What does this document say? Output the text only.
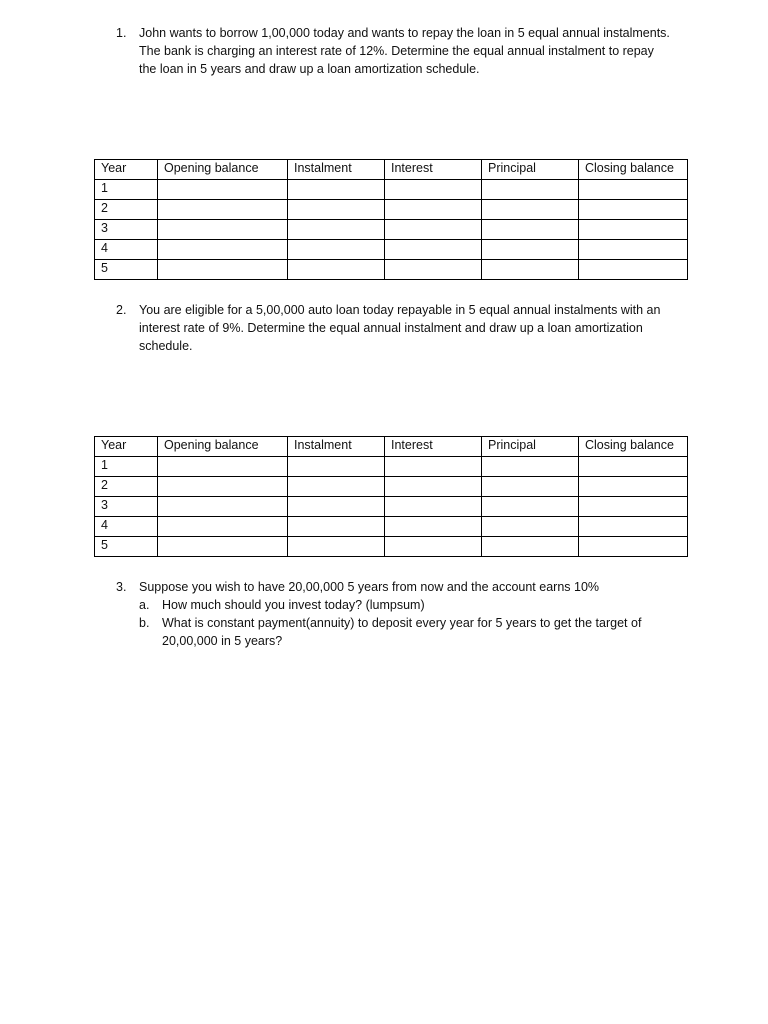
1. John wants to borrow 1,00,000 today and wants to repay the loan in 5 equal annual instalments. The bank is charging an interest rate of 12%. Determine the equal annual instalment to repay the loan in 5 years and draw up a loan amortization schedule.
Year	Opening balance	Instalment	Interest	Principal	Closing balance
1					
2					
3					
4					
5					
2. You are eligible for a 5,00,000 auto loan today repayable in 5 equal annual instalments with an interest rate of 9%. Determine the equal annual instalment and draw up a loan amortization schedule.
Year	Opening balance	Instalment	Interest	Principal	Closing balance
1					
2					
3					
4					
5					
3. Suppose you wish to have 20,00,000 5 years from now and the account earns 10%
a. How much should you invest today? (lumpsum)
b. What is constant payment(annuity) to deposit every year for 5 years to get the target of 20,00,000 in 5 years?
